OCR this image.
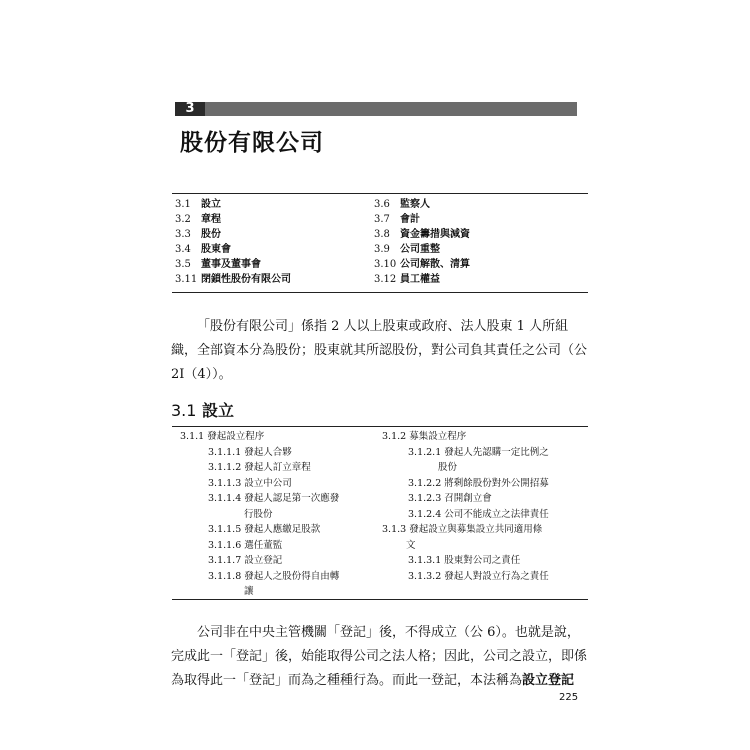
3
股份有限公司
3.1 設立
3.2 章程
3.3 股份
3.4 股東會
3.5 董事及董事會
3.11 閉鎖性股份有限公司
3.6 監察人
3.7 會計
3.8 資金籌措與減資
3.9 公司重整
3.10 公司解散、清算
3.12 員工權益
「股份有限公司」係指 2 人以上股東或政府、法人股東 1 人所組
織，全部資本分為股份；股東就其所認股份，對公司負其責任之公司（公
2Ⅰ（4））。
3.1 設立
3.1.1 發起設立程序
3.1.1.1 發起人合夥
3.1.1.2 發起人訂立章程
3.1.1.3 設立中公司
3.1.1.4 發起人認足第一次應發
行股份
3.1.1.5 發起人應繳足股款
3.1.1.6 選任董監
3.1.1.7 設立登記
3.1.1.8 發起人之股份得自由轉
讓
3.1.2 募集設立程序
3.1.2.1 發起人先認購一定比例之
股份
3.1.2.2 將剩餘股份對外公開招募
3.1.2.3 召開創立會
3.1.2.4 公司不能成立之法律責任
3.1.3 發起設立與募集設立共同適用條
文
3.1.3.1 股東對公司之責任
3.1.3.2 發起人對設立行為之責任
公司非在中央主管機關「登記」後，不得成立（公 6）。也就是說，
完成此一「登記」後，始能取得公司之法人格；因此，公司之設立，即係
為取得此一「登記」而為之種種行為。而此一登記，本法稱為設立登記
225
